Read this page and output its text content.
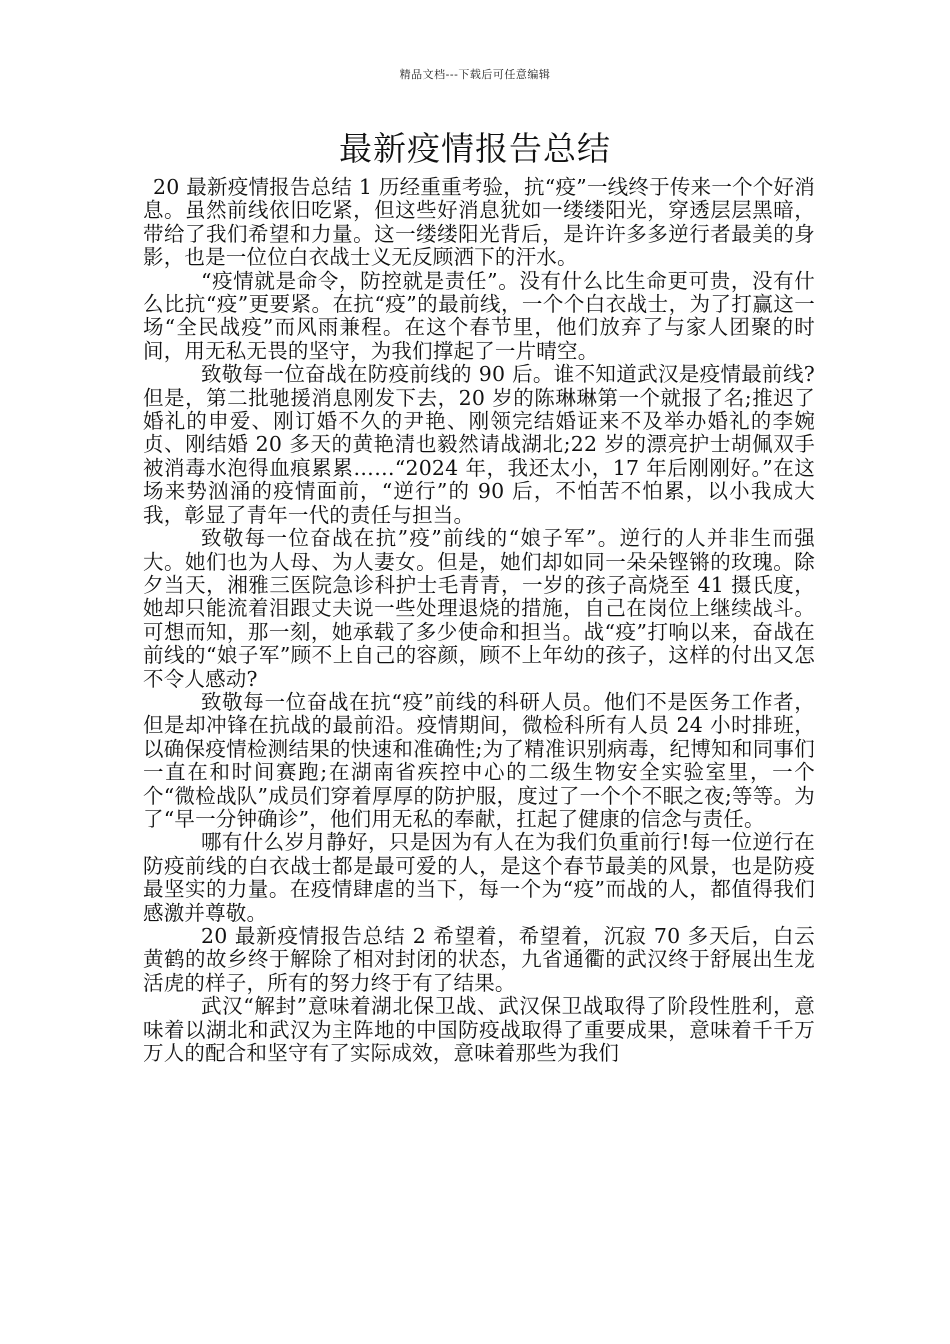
精品文档---下载后可任意编辑
最新疫情报告总结

20 最新疫情报告总结 1 历经重重考验，抗“疫”一线终于传来一个个好消息。虽然前线依旧吃紧，但这些好消息犹如一缕缕阳光，穿透层层黑暗，带给了我们希望和力量。这一缕缕阳光背后，是许许多多逆行者最美的身影，也是一位位白衣战士义无反顾洒下的汗水。

“疫情就是命令，防控就是责任”。没有什么比生命更可贵，没有什么比抗“疫”更要紧。在抗“疫”的最前线，一个个白衣战士，为了打赢这一场“全民战疫”而风雨兼程。在这个春节里，他们放弃了与家人团聚的时间，用无私无畏的坚守，为我们撑起了一片晴空。

致敬每一位奋战在防疫前线的 90 后。谁不知道武汉是疫情最前线?但是，第二批驰援消息刚发下去，20 岁的陈琳琳第一个就报了名;推迟了婚礼的申爱、刚订婚不久的尹艳、刚领完结婚证来不及举办婚礼的李婉贞、刚结婚 20 多天的黄艳清也毅然请战湖北;22 岁的漂亮护士胡佩双手被消毒水泡得血痕累累……“2024 年，我还太小，17 年后刚刚好。”在这场来势汹涌的疫情面前，“逆行”的 90 后，不怕苦不怕累，以小我成大我，彰显了青年一代的责任与担当。

致敬每一位奋战在抗”疫”前线的“娘子军”。逆行的人并非生而强大。她们也为人母、为人妻女。但是，她们却如同一朵朵铿锵的玫瑰。除夕当天，湘雅三医院急诊科护士毛青青，一岁的孩子高烧至 41 摄氏度，她却只能流着泪跟丈夫说一些处理退烧的措施，自己在岗位上继续战斗。可想而知，那一刻，她承载了多少使命和担当。战“疫”打响以来，奋战在前线的“娘子军”顾不上自己的容颜，顾不上年幼的孩子，这样的付出又怎不令人感动?

致敬每一位奋战在抗“疫”前线的科研人员。他们不是医务工作者，但是却冲锋在抗战的最前沿。疫情期间，微检科所有人员 24 小时排班，以确保疫情检测结果的快速和准确性;为了精准识别病毒，纪博知和同事们一直在和时间赛跑;在湖南省疾控中心的二级生物安全实验室里，一个个“微检战队”成员们穿着厚厚的防护服，度过了一个个不眠之夜;等等。为了“早一分钟确诊”，他们用无私的奉献，扛起了健康的信念与责任。

哪有什么岁月静好，只是因为有人在为我们负重前行!每一位逆行在防疫前线的白衣战士都是最可爱的人，是这个春节最美的风景，也是防疫最坚实的力量。在疫情肆虐的当下，每一个为“疫”而战的人，都值得我们感激并尊敬。

20 最新疫情报告总结 2 希望着，希望着，沉寂 70 多天后，白云黄鹤的故乡终于解除了相对封闭的状态，九省通衢的武汉终于舒展出生龙活虎的样子，所有的努力终于有了结果。

武汉“解封”意味着湖北保卫战、武汉保卫战取得了阶段性胜利，意味着以湖北和武汉为主阵地的中国防疫战取得了重要成果，意味着千千万万人的配合和坚守有了实际成效，意味着那些为我们
